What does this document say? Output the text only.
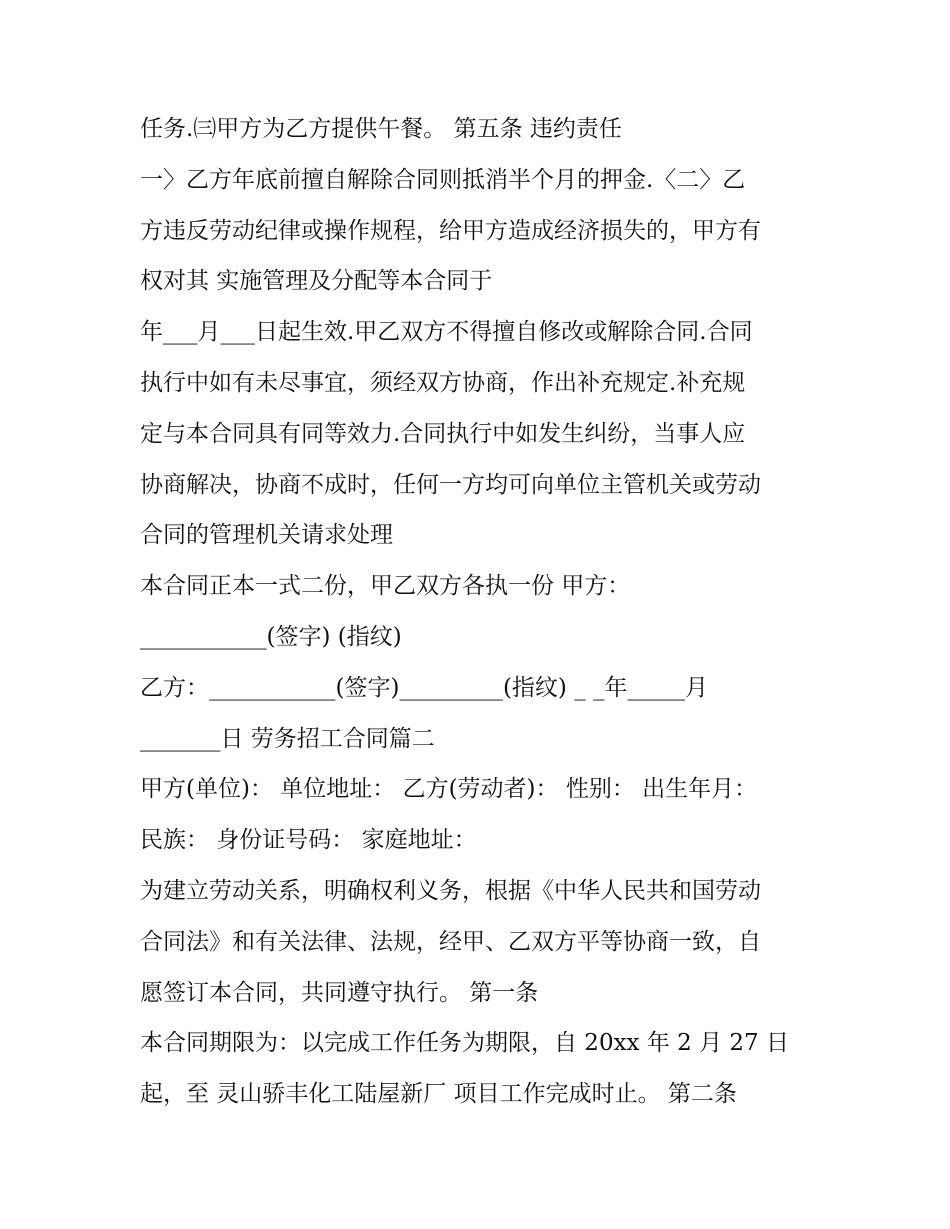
任务.㈢甲方为乙方提供午餐。 第五条 违约责任
一〉乙方年底前擅自解除合同则抵消半个月的押金.〈二〉乙
方违反劳动纪律或操作规程，给甲方造成经济损失的，甲方有
权对其 实施管理及分配等本合同于
年___月___日起生效.甲乙双方不得擅自修改或解除合同.合同
执行中如有未尽事宜，须经双方协商，作出补充规定.补充规
定与本合同具有同等效力.合同执行中如发生纠纷，当事人应
协商解决，协商不成时，任何一方均可向单位主管机关或劳动
合同的管理机关请求处理
本合同正本一式二份，甲乙双方各执一份 甲方：
___________(签字) (指纹)
乙方：___________(签字)_________(指纹) _ _年_____月
_______日 劳务招工合同篇二
甲方(单位)： 单位地址： 乙方(劳动者)： 性别： 出生年月：
民族： 身份证号码： 家庭地址：
为建立劳动关系，明确权利义务，根据《中华人民共和国劳动
合同法》和有关法律、法规，经甲、乙双方平等协商一致，自
愿签订本合同，共同遵守执行。 第一条
本合同期限为：以完成工作任务为期限，自 20xx 年 2 月 27 日
起，至 灵山骄丰化工陆屋新厂 项目工作完成时止。 第二条
